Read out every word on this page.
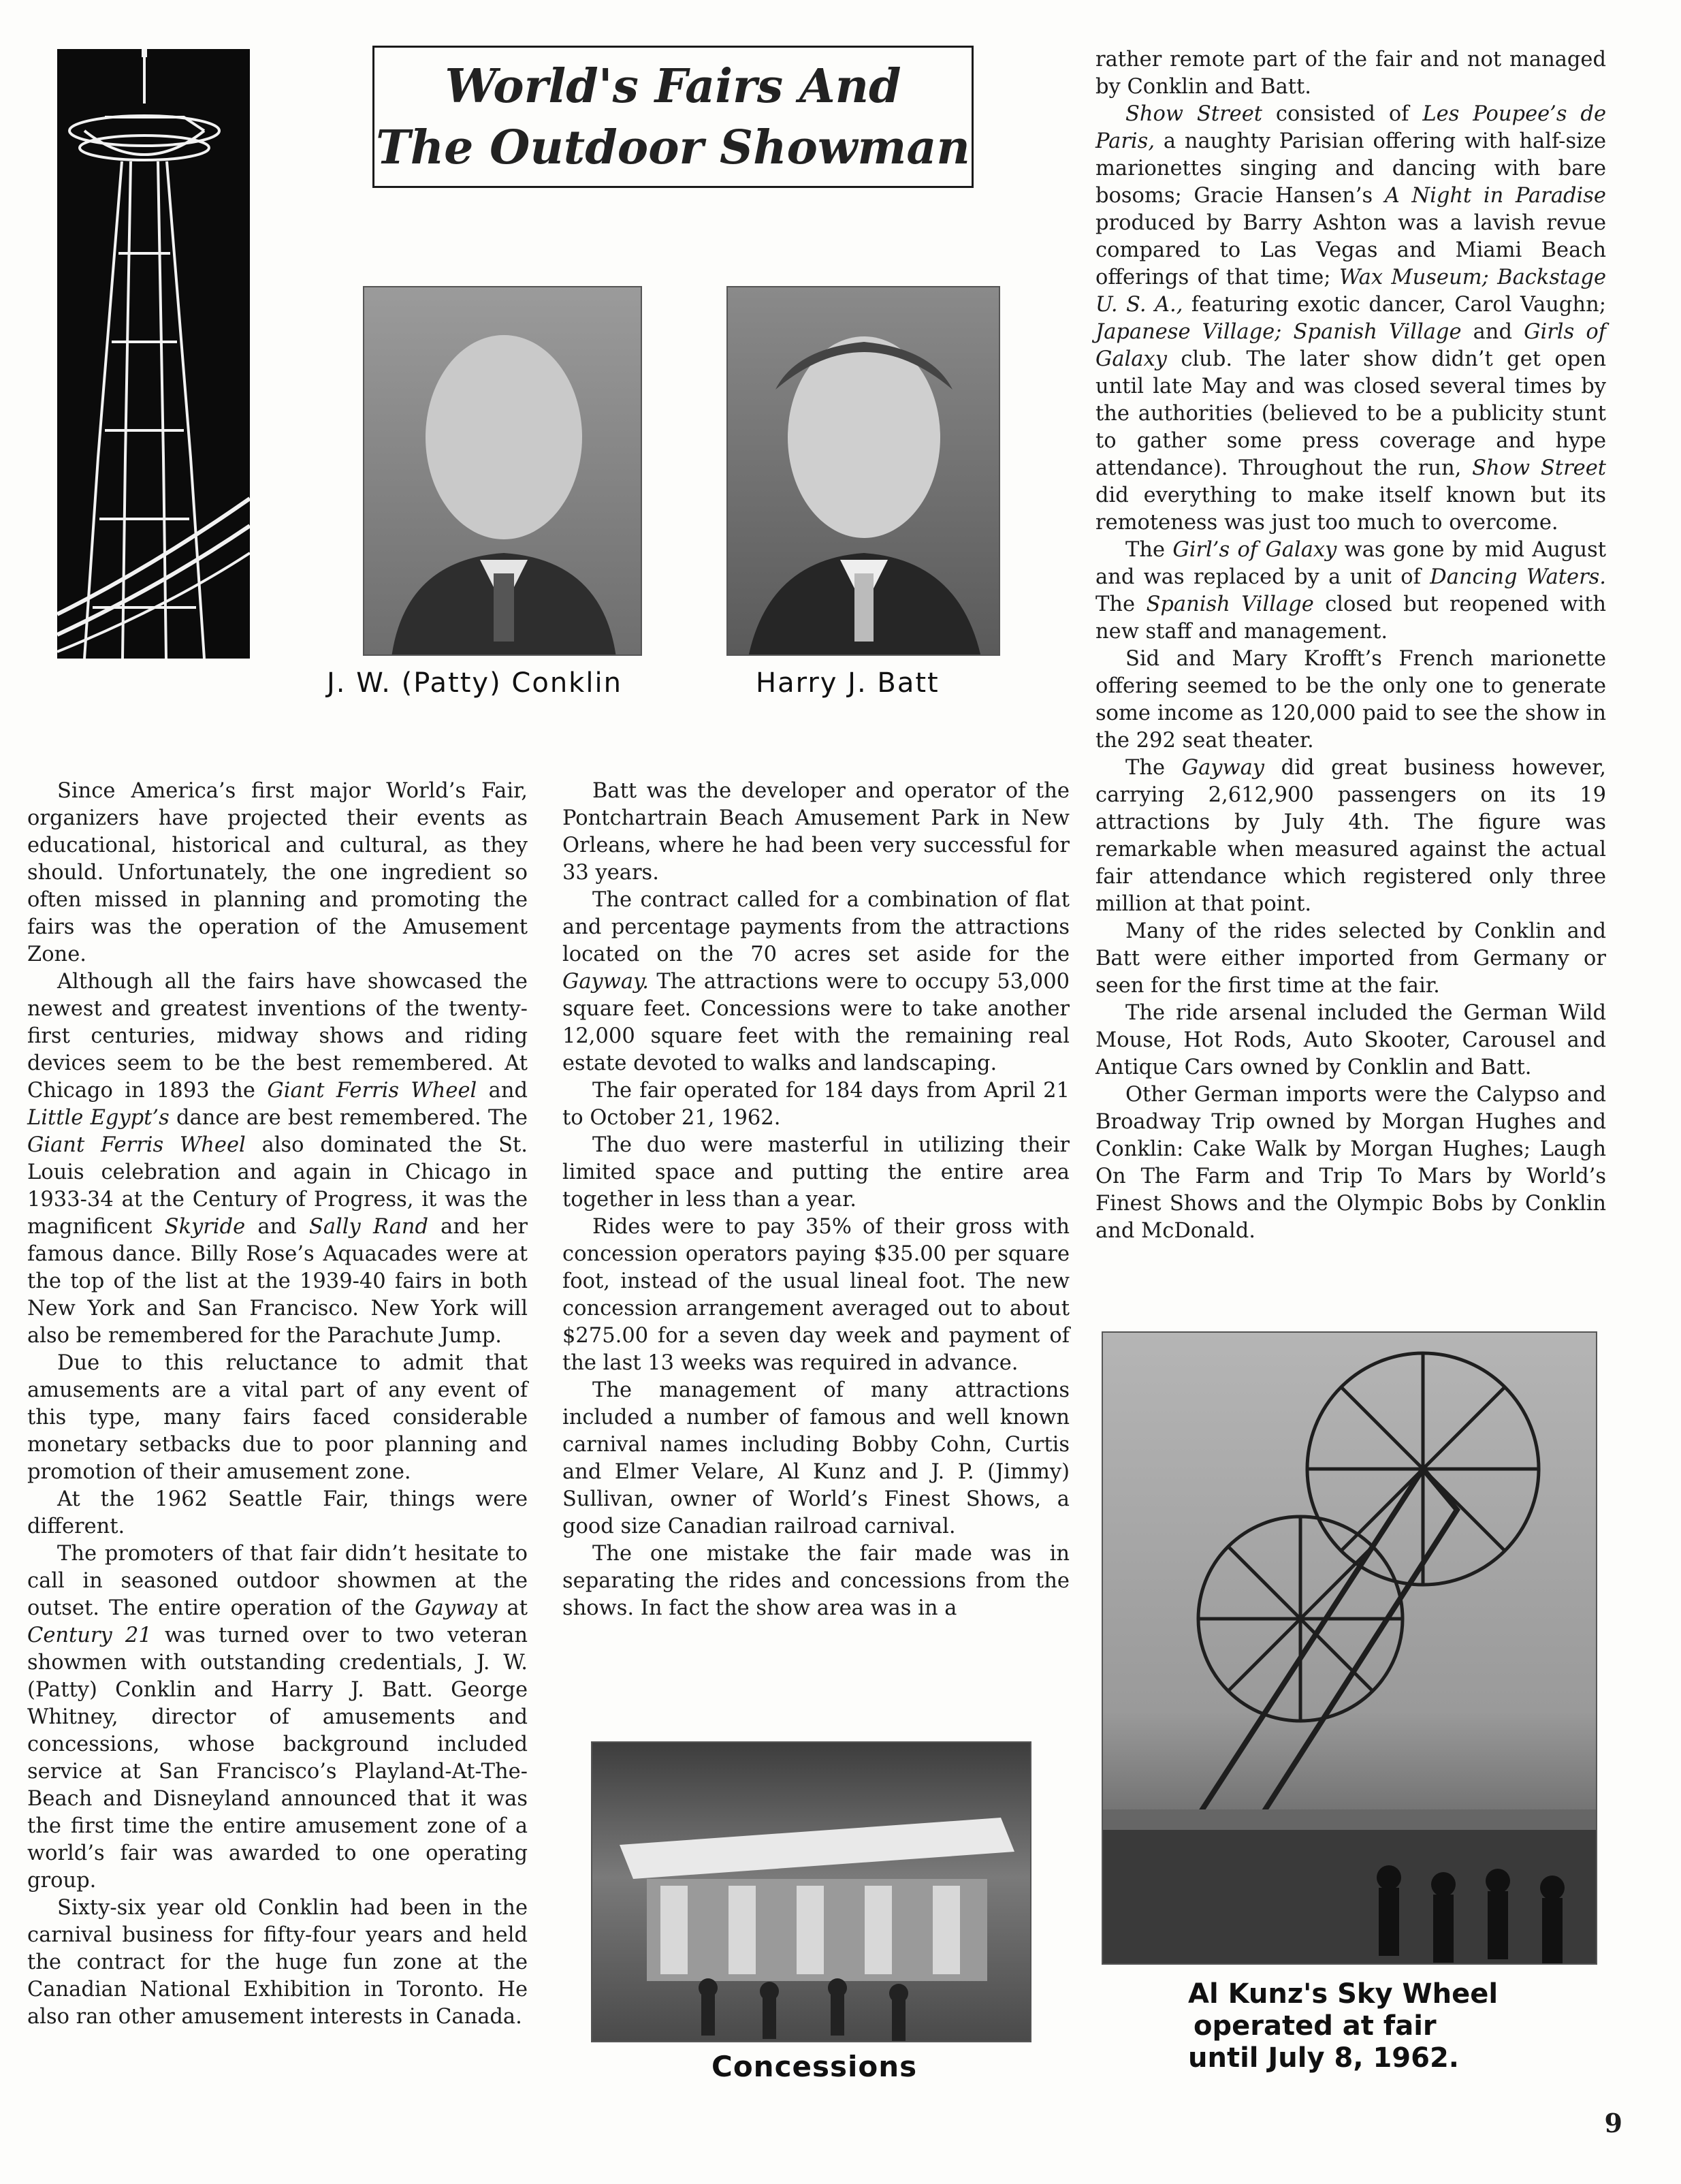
World's Fairs And
The Outdoor Showman
J. W. (Patty) Conklin	Harry J. Batt

Since America’s first major World’s Fair, organizers have projected their events as educational, historical and cultural, as they should. Unfortunately, the one ingredient so often missed in planning and promoting the fairs was the operation of the Amusement Zone.

Although all the fairs have showcased the newest and greatest inventions of the twenty-first centuries, midway shows and riding devices seem to be the best remembered. At Chicago in 1893 the Giant Ferris Wheel and Little Egypt’s dance are best remembered. The Giant Ferris Wheel also dominated the St. Louis celebration and again in Chicago in 1933-34 at the Century of Progress, it was the magnificent Skyride and Sally Rand and her famous dance. Billy Rose’s Aquacades were at the top of the list at the 1939-40 fairs in both New York and San Francisco. New York will also be remembered for the Parachute Jump.

Due to this reluctance to admit that amusements are a vital part of any event of this type, many fairs faced considerable monetary setbacks due to poor planning and promotion of their amusement zone.

At the 1962 Seattle Fair, things were different.

The promoters of that fair didn’t hesitate to call in seasoned outdoor showmen at the outset. The entire operation of the Gayway at Century 21 was turned over to two veteran showmen with outstanding credentials, J. W. (Patty) Conklin and Harry J. Batt. George Whitney, director of amusements and concessions, whose background included service at San Francisco’s Playland-At-The-Beach and Disneyland announced that it was the first time the entire amusement zone of a world’s fair was awarded to one operating group.

Sixty-six year old Conklin had been in the carnival business for fifty-four years and held the contract for the huge fun zone at the Canadian National Exhibition in Toronto. He also ran other amusement interests in Canada.

Batt was the developer and operator of the Pontchartrain Beach Amusement Park in New Orleans, where he had been very successful for 33 years.

The contract called for a combination of flat and percentage payments from the attractions located on the 70 acres set aside for the Gayway. The attractions were to occupy 53,000 square feet. Concessions were to take another 12,000 square feet with the remaining real estate devoted to walks and landscaping.

The fair operated for 184 days from April 21 to October 21, 1962.

The duo were masterful in utilizing their limited space and putting the entire area together in less than a year.

Rides were to pay 35% of their gross with concession operators paying $35.00 per square foot, instead of the usual lineal foot. The new concession arrangement averaged out to about $275.00 for a seven day week and payment of the last 13 weeks was required in advance.

The management of many attractions included a number of famous and well known carnival names including Bobby Cohn, Curtis and Elmer Velare, Al Kunz and J. P. (Jimmy) Sullivan, owner of World’s Finest Shows, a good size Canadian railroad carnival.

The one mistake the fair made was in separating the rides and concessions from the shows. In fact the show area was in a

Concessions

rather remote part of the fair and not managed by Conklin and Batt.

Show Street consisted of Les Poupee’s de Paris, a naughty Parisian offering with half-size marionettes singing and dancing with bare bosoms; Gracie Hansen’s A Night in Paradise produced by Barry Ashton was a lavish revue compared to Las Vegas and Miami Beach offerings of that time; Wax Museum; Backstage U. S. A., featuring exotic dancer, Carol Vaughn; Japanese Village; Spanish Village and Girls of Galaxy club. The later show didn’t get open until late May and was closed several times by the authorities (believed to be a publicity stunt to gather some press coverage and hype attendance). Throughout the run, Show Street did everything to make itself known but its remoteness was just too much to overcome.

The Girl’s of Galaxy was gone by mid August and was replaced by a unit of Dancing Waters. The Spanish Village closed but reopened with new staff and management.

Sid and Mary Krofft’s French marionette offering seemed to be the only one to generate some income as 120,000 paid to see the show in the 292 seat theater.

The Gayway did great business however, carrying 2,612,900 passengers on its 19 attractions by July 4th. The figure was remarkable when measured against the actual fair attendance which registered only three million at that point.

Many of the rides selected by Conklin and Batt were either imported from Germany or seen for the first time at the fair.

The ride arsenal included the German Wild Mouse, Hot Rods, Auto Skooter, Carousel and Antique Cars owned by Conklin and Batt.

Other German imports were the Calypso and Broadway Trip owned by Morgan Hughes and Conklin: Cake Walk by Morgan Hughes; Laugh On The Farm and Trip To Mars by World’s Finest Shows and the Olympic Bobs by Conklin and McDonald.

Al Kunz's Sky Wheel
operated at fair
until July 8, 1962.
9
